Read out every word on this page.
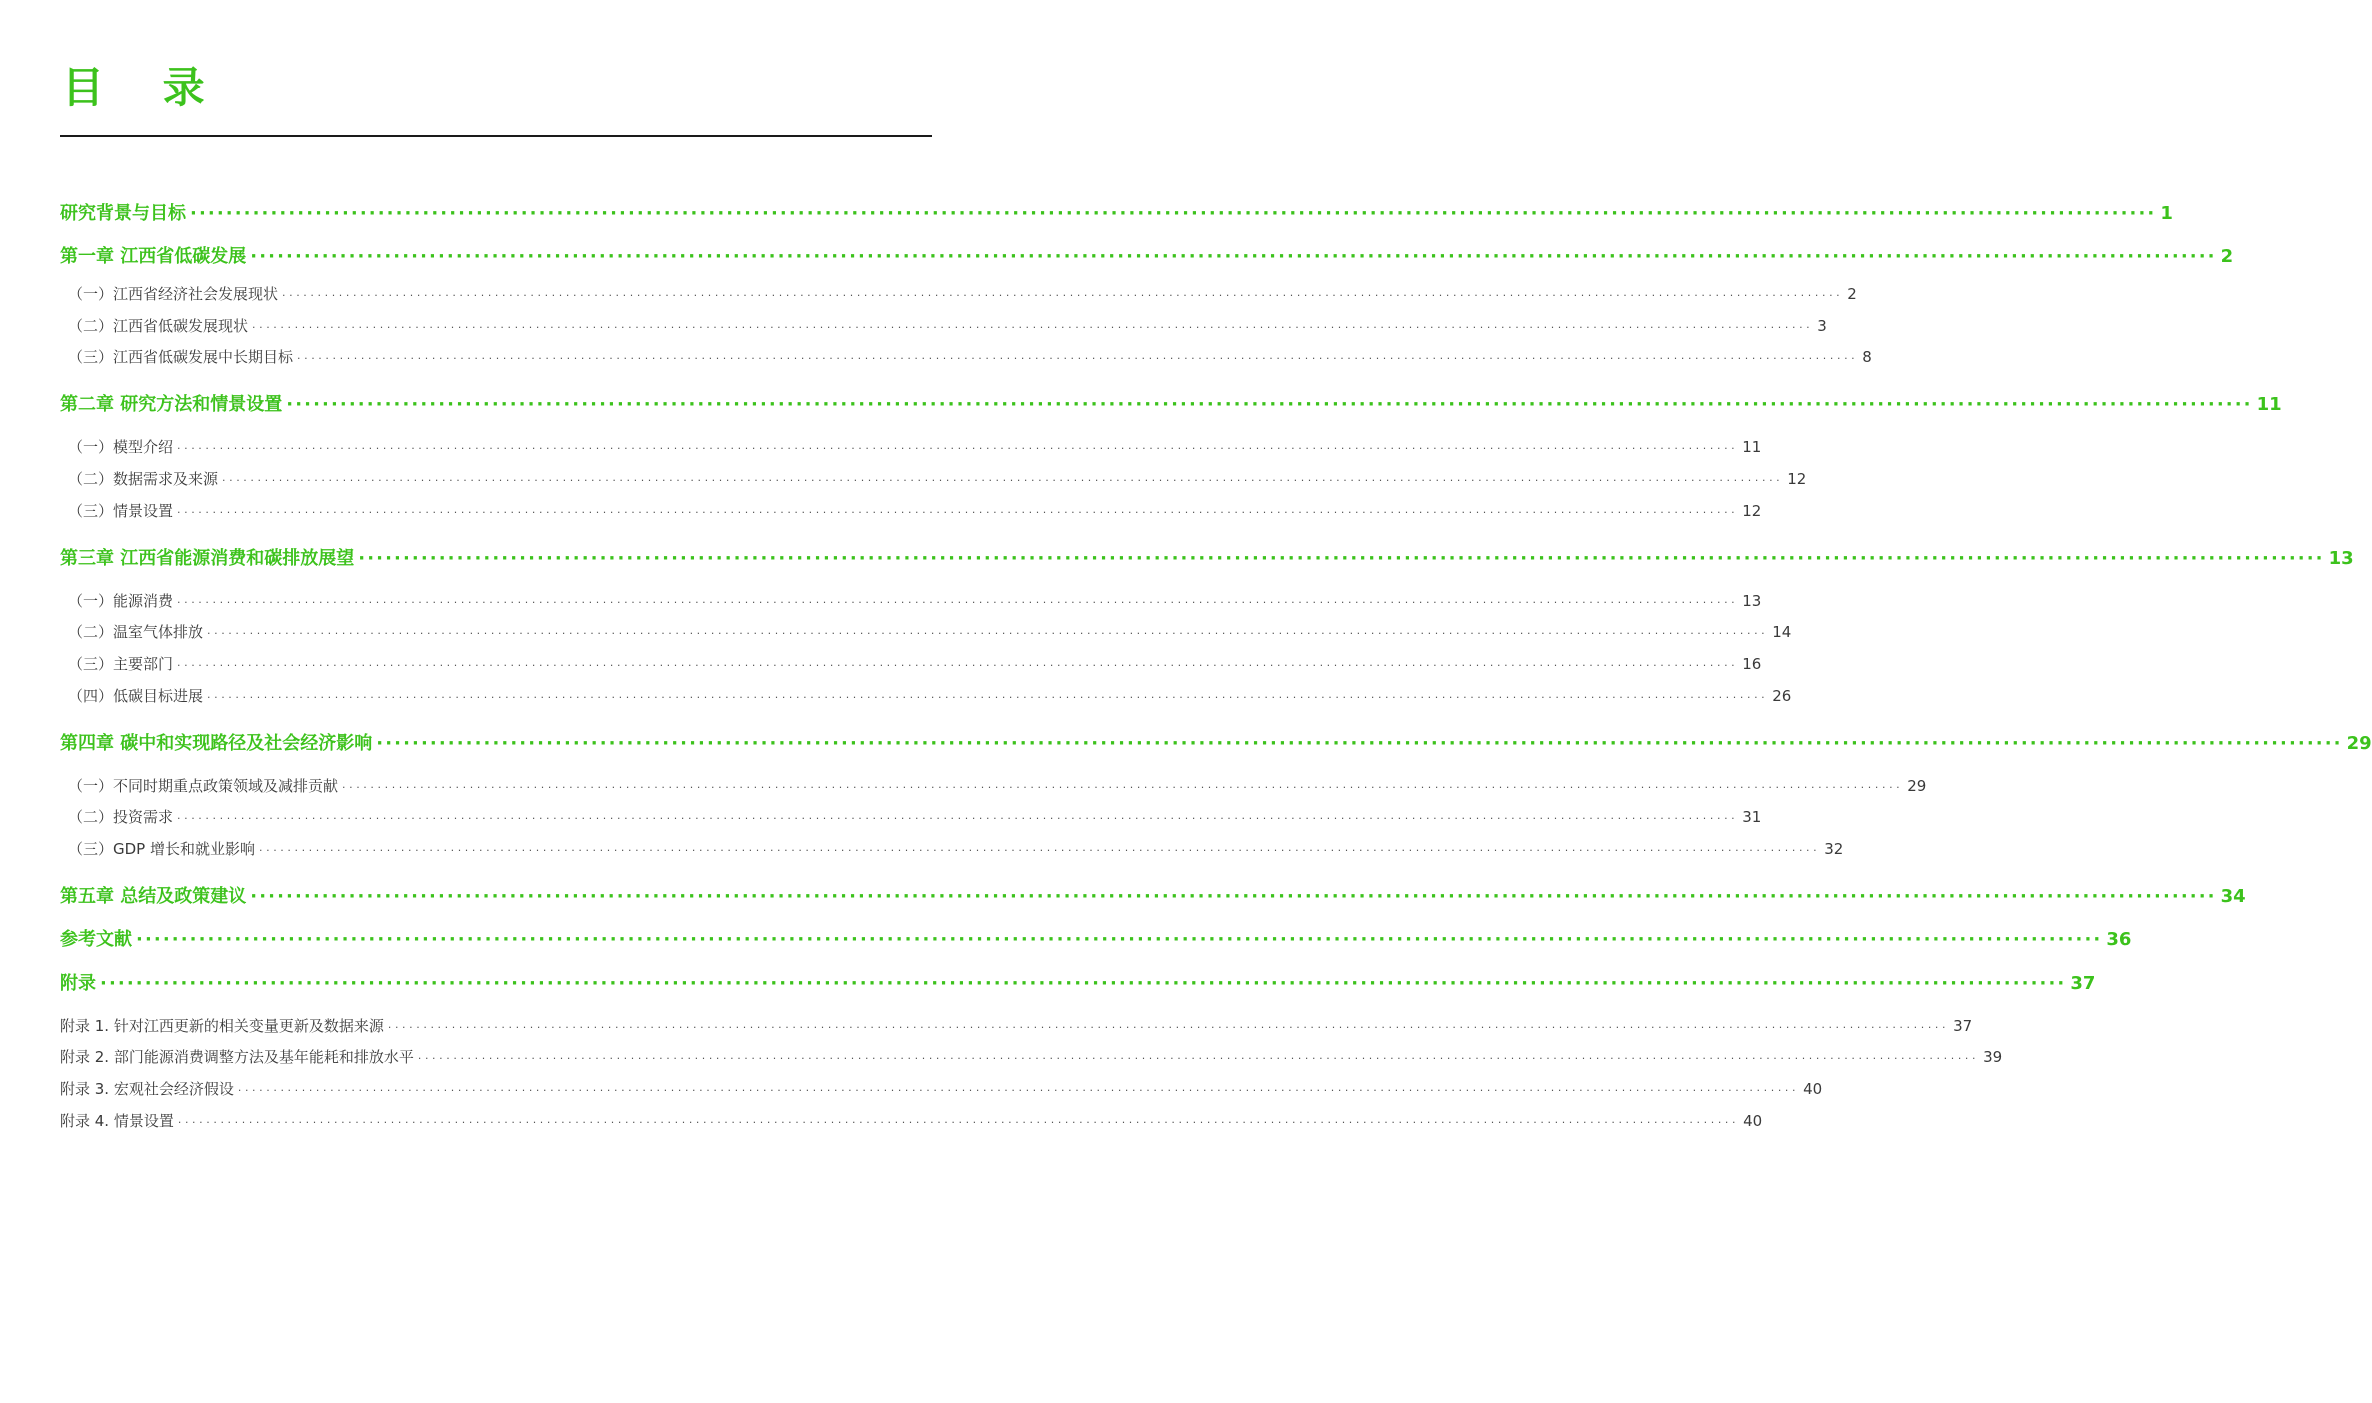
目 录
研究背景与目标 ···························································································································································································································· 1
第一章 江西省低碳发展 ···························································································································································································································· 2
（一）江西省经济社会发展现状 ···························································································································································································································· 2
（二）江西省低碳发展现状 ···························································································································································································································· 3
（三）江西省低碳发展中长期目标 ···························································································································································································································· 8
第二章 研究方法和情景设置 ···························································································································································································································· 11
（一）模型介绍 ···························································································································································································································· 11
（二）数据需求及来源 ···························································································································································································································· 12
（三）情景设置 ···························································································································································································································· 12
第三章 江西省能源消费和碳排放展望 ···························································································································································································································· 13
（一）能源消费 ···························································································································································································································· 13
（二）温室气体排放 ···························································································································································································································· 14
（三）主要部门 ···························································································································································································································· 16
（四）低碳目标进展 ···························································································································································································································· 26
第四章 碳中和实现路径及社会经济影响 ···························································································································································································································· 29
（一）不同时期重点政策领域及减排贡献 ···························································································································································································································· 29
（二）投资需求 ···························································································································································································································· 31
（三）GDP 增长和就业影响 ···························································································································································································································· 32
第五章 总结及政策建议 ···························································································································································································································· 34
参考文献 ···························································································································································································································· 36
附录 ···························································································································································································································· 37
附录 1. 针对江西更新的相关变量更新及数据来源 ···························································································································································································································· 37
附录 2. 部门能源消费调整方法及基年能耗和排放水平 ···························································································································································································································· 39
附录 3. 宏观社会经济假设 ···························································································································································································································· 40
附录 4. 情景设置 ···························································································································································································································· 40
